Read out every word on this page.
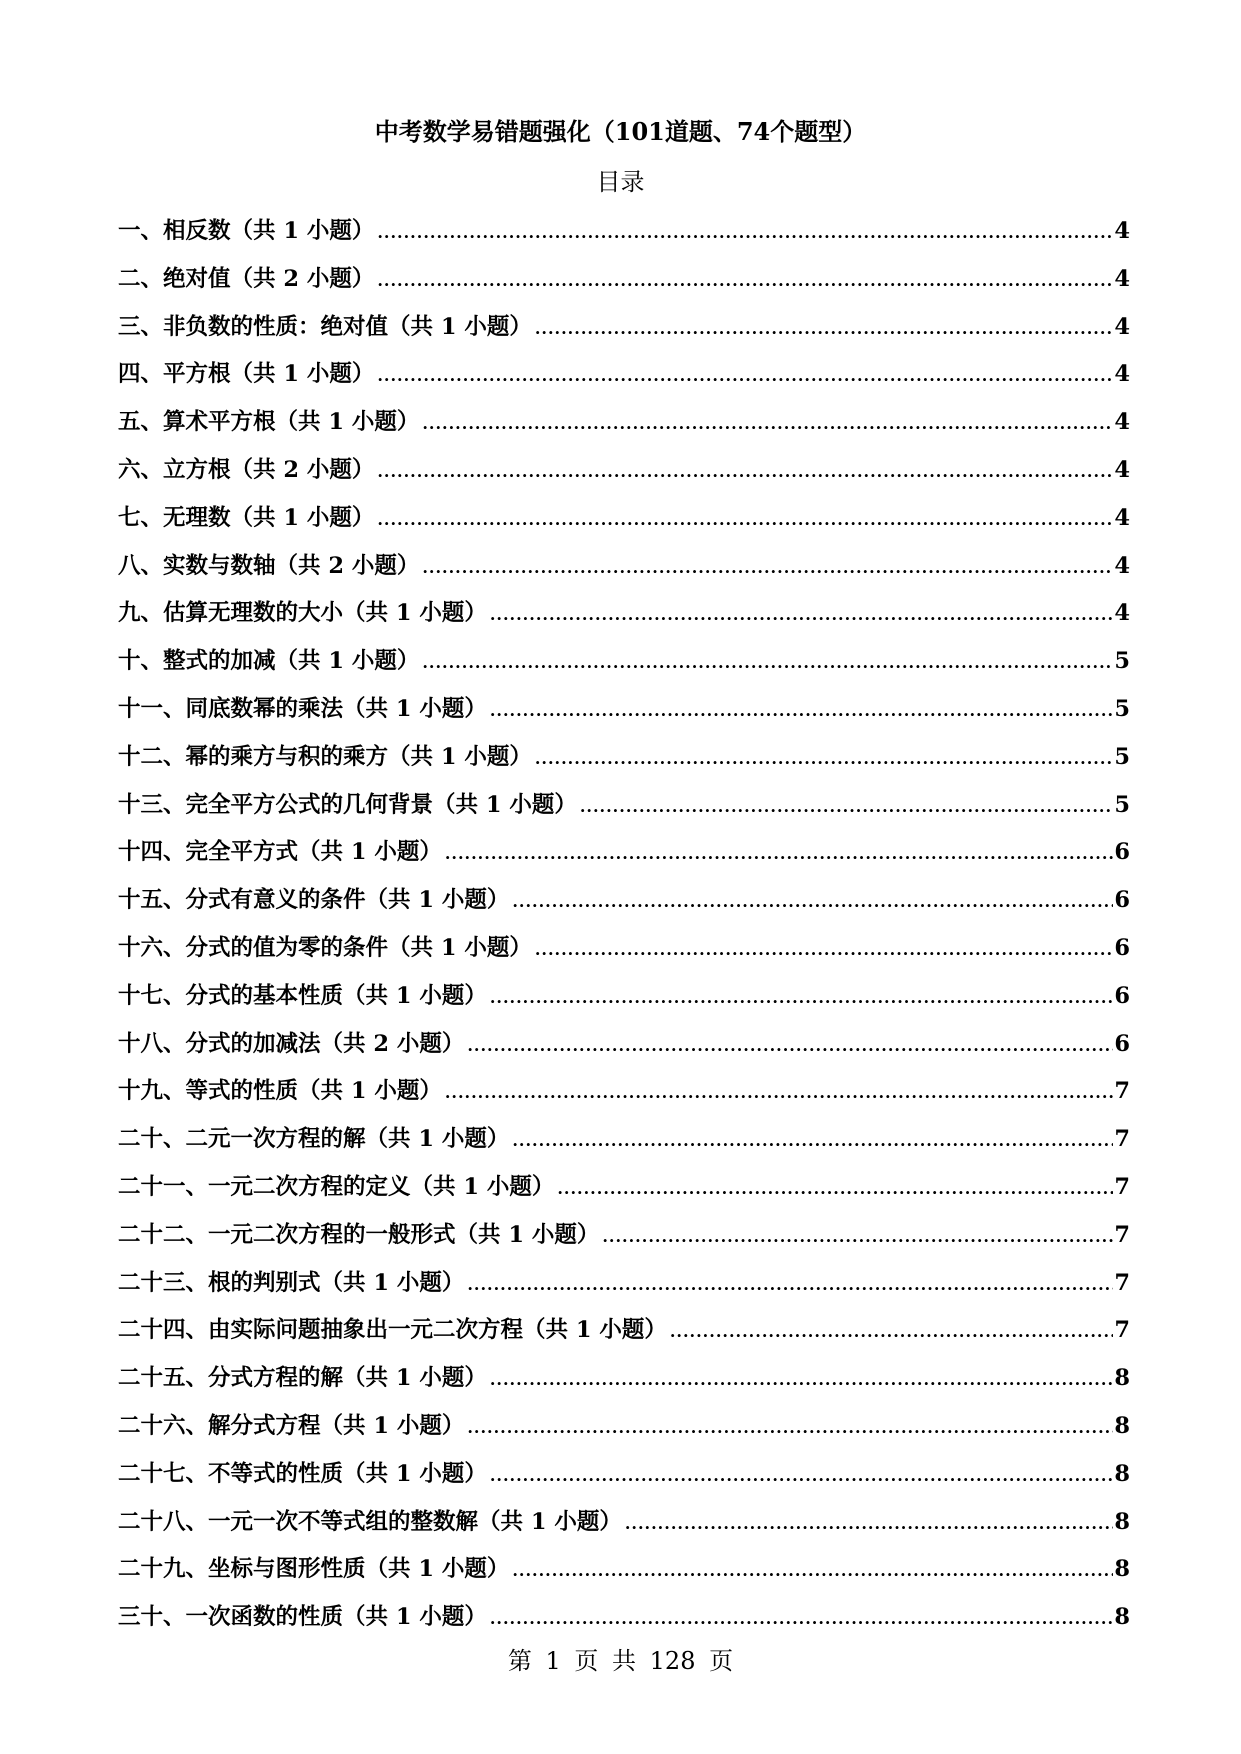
中考数学易错题强化（101道题、74个题型）
目录
一、相反数（共 1 小题） .....	4
二、绝对值（共 2 小题） .....	4
三、非负数的性质：绝对值（共 1 小题） .....	4
四、平方根（共 1 小题） .....	4
五、算术平方根（共 1 小题） .....	4
六、立方根（共 2 小题） .....	4
七、无理数（共 1 小题） .....	4
八、实数与数轴（共 2 小题） .....	4
九、估算无理数的大小（共 1 小题） .....	4
十、整式的加减（共 1 小题） .....	5
十一、同底数幂的乘法（共 1 小题） .....	5
十二、幂的乘方与积的乘方（共 1 小题） .....	5
十三、完全平方公式的几何背景（共 1 小题） .....	5
十四、完全平方式（共 1 小题） .....	6
十五、分式有意义的条件（共 1 小题） .....	6
十六、分式的值为零的条件（共 1 小题） .....	6
十七、分式的基本性质（共 1 小题） .....	6
十八、分式的加减法（共 2 小题） .....	6
十九、等式的性质（共 1 小题） .....	7
二十、二元一次方程的解（共 1 小题） .....	7
二十一、一元二次方程的定义（共 1 小题） .....	7
二十二、一元二次方程的一般形式（共 1 小题） .....	7
二十三、根的判别式（共 1 小题） .....	7
二十四、由实际问题抽象出一元二次方程（共 1 小题） .....	7
二十五、分式方程的解（共 1 小题） .....	8
二十六、解分式方程（共 1 小题） .....	8
二十七、不等式的性质（共 1 小题） .....	8
二十八、一元一次不等式组的整数解（共 1 小题） .....	8
二十九、坐标与图形性质（共 1 小题） .....	8
三十、一次函数的性质（共 1 小题） .....	8
第 1 页 共 128 页
